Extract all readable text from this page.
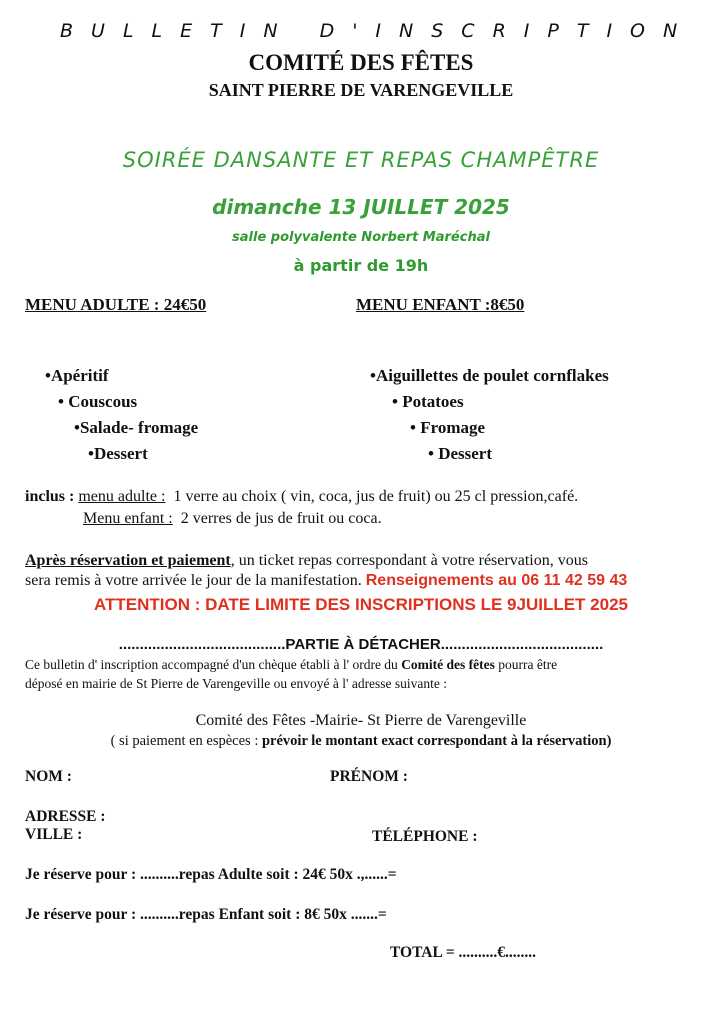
BULLETIN D'INSCRIPTION
COMITÉ DES FÊTES
SAINT PIERRE DE VARENGEVILLE
SOIRÉE DANSANTE ET REPAS CHAMPÊTRE
dimanche 13 JUILLET 2025
salle polyvalente Norbert Maréchal
à partir de 19h
MENU ADULTE : 24€50	MENU ENFANT :8€50
•Apéritif
• Couscous
•Salade- fromage
•Dessert
•Aiguillettes de poulet cornflakes
• Potatoes
• Fromage
• Dessert
inclus : menu adulte : 1 verre au choix ( vin, coca, jus de fruit) ou 25 cl pression,café.
Menu enfant : 2 verres de jus de fruit ou coca.
Après réservation et paiement, un ticket repas correspondant à votre réservation, vous
sera remis à votre arrivée le jour de la manifestation. Renseignements au 06 11 42 59 43
ATTENTION : DATE LIMITE DES INSCRIPTIONS LE 9JUILLET 2025
........................................PARTIE À DÉTACHER.......................................
Ce bulletin d' inscription accompagné d'un chèque établi à l' ordre du Comité des fêtes pourra être
déposé en mairie de St Pierre de Varengeville ou envoyé à l' adresse suivante :
Comité des Fêtes -Mairie- St Pierre de Varengeville
( si paiement en espèces : prévoir le montant exact correspondant à la réservation)
NOM :	PRÉNOM :
ADRESSE :
VILLE :	TÉLÉPHONE :
Je réserve pour : ..........repas Adulte soit : 24€ 50x .,......=
Je réserve pour : ..........repas Enfant soit : 8€ 50x .......=
TOTAL = ..........€........
